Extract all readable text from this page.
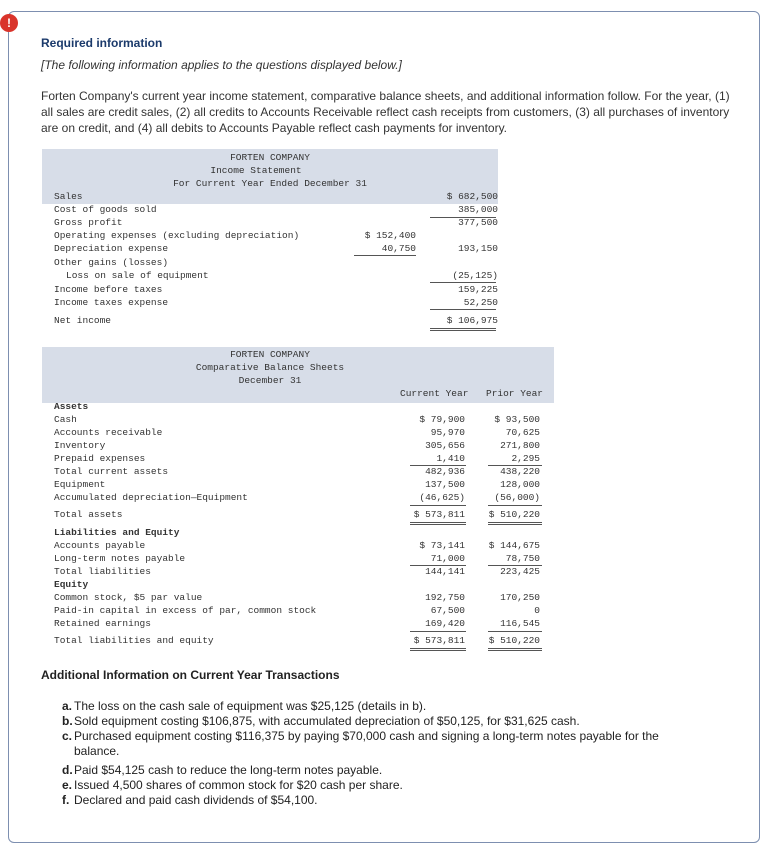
!
Required information
[The following information applies to the questions displayed below.]
Forten Company's current year income statement, comparative balance sheets, and additional information follow. For the year, (1) all sales are credit sales, (2) all credits to Accounts Receivable reflect cash receipts from customers, (3) all purchases of inventory are on credit, and (4) all debits to Accounts Payable reflect cash payments for inventory.
FORTEN COMPANY
Income Statement
For Current Year Ended December 31
Sales	$ 682,500
Cost of goods sold	385,000
Gross profit	377,500
Operating expenses (excluding depreciation)	$ 152,400
Depreciation expense	40,750	193,150
Other gains (losses)
Loss on sale of equipment	(25,125)
Income before taxes	159,225
Income taxes expense	52,250
Net income	$ 106,975
FORTEN COMPANY
Comparative Balance Sheets
December 31
Current Year Prior Year
Assets
Cash	$ 79,900	$ 93,500
Accounts receivable	95,970	70,625
Inventory	305,656	271,800
Prepaid expenses	1,410	2,295
Total current assets	482,936	438,220
Equipment	137,500	128,000
Accumulated depreciation—Equipment	(46,625)	(56,000)
Total assets	$ 573,811	$ 510,220
Liabilities and Equity
Accounts payable	$ 73,141	$ 144,675
Long-term notes payable	71,000	78,750
Total liabilities	144,141	223,425
Equity
Common stock, $5 par value	192,750	170,250
Paid-in capital in excess of par, common stock	67,500	0
Retained earnings	169,420	116,545
Total liabilities and equity	$ 573,811	$ 510,220
Additional Information on Current Year Transactions
a. The loss on the cash sale of equipment was $25,125 (details in b).
b. Sold equipment costing $106,875, with accumulated depreciation of $50,125, for $31,625 cash.
c. Purchased equipment costing $116,375 by paying $70,000 cash and signing a long-term notes payable for the balance.
d. Paid $54,125 cash to reduce the long-term notes payable.
e. Issued 4,500 shares of common stock for $20 cash per share.
f. Declared and paid cash dividends of $54,100.
